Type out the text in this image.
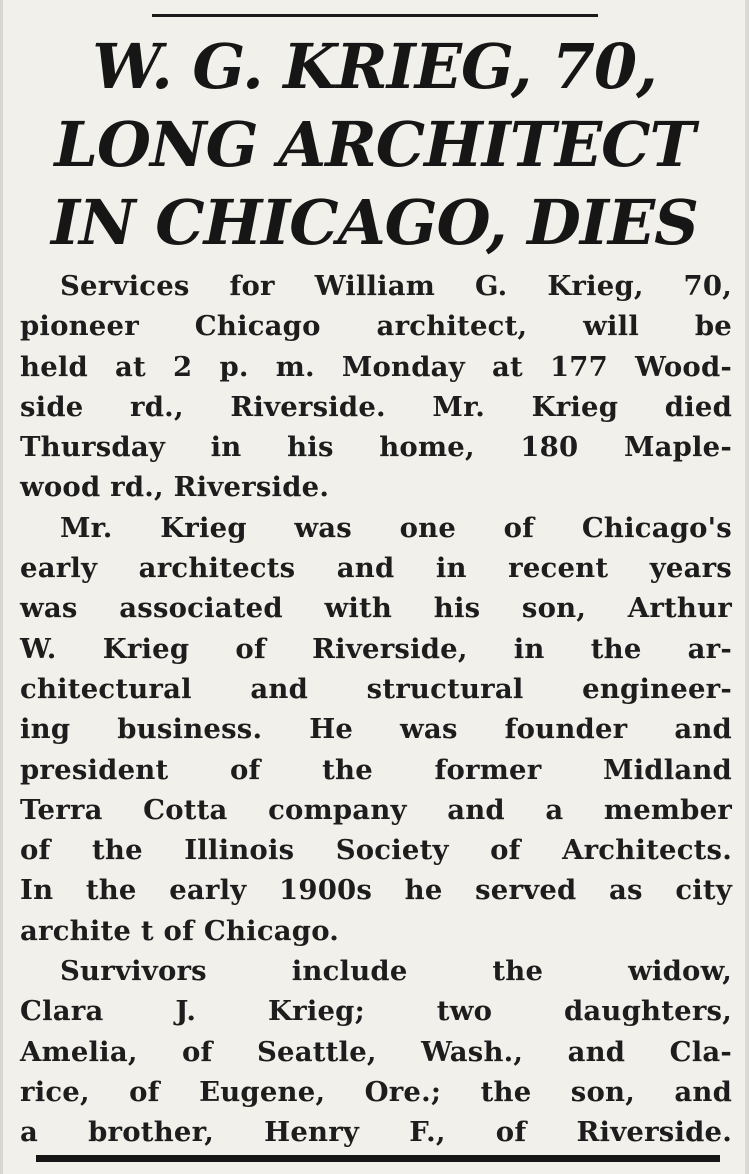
W. G. KRIEG, 70,
LONG ARCHITECT
IN CHICAGO, DIES

Services for William G. Krieg, 70,
pioneer Chicago architect, will be
held at 2 p. m. Monday at 177 Wood-
side rd., Riverside. Mr. Krieg died
Thursday in his home, 180 Maple-
wood rd., Riverside.

Mr. Krieg was one of Chicago's
early architects and in recent years
was associated with his son, Arthur
W. Krieg of Riverside, in the ar-
chitectural and structural engineer-
ing business. He was founder and
president of the former Midland
Terra Cotta company and a member
of the Illinois Society of Architects.
In the early 1900s he served as city
archite t of Chicago.

Survivors include the widow,
Clara J. Krieg; two daughters,
Amelia, of Seattle, Wash., and Cla-
rice, of Eugene, Ore.; the son, and
a brother, Henry F., of Riverside.
